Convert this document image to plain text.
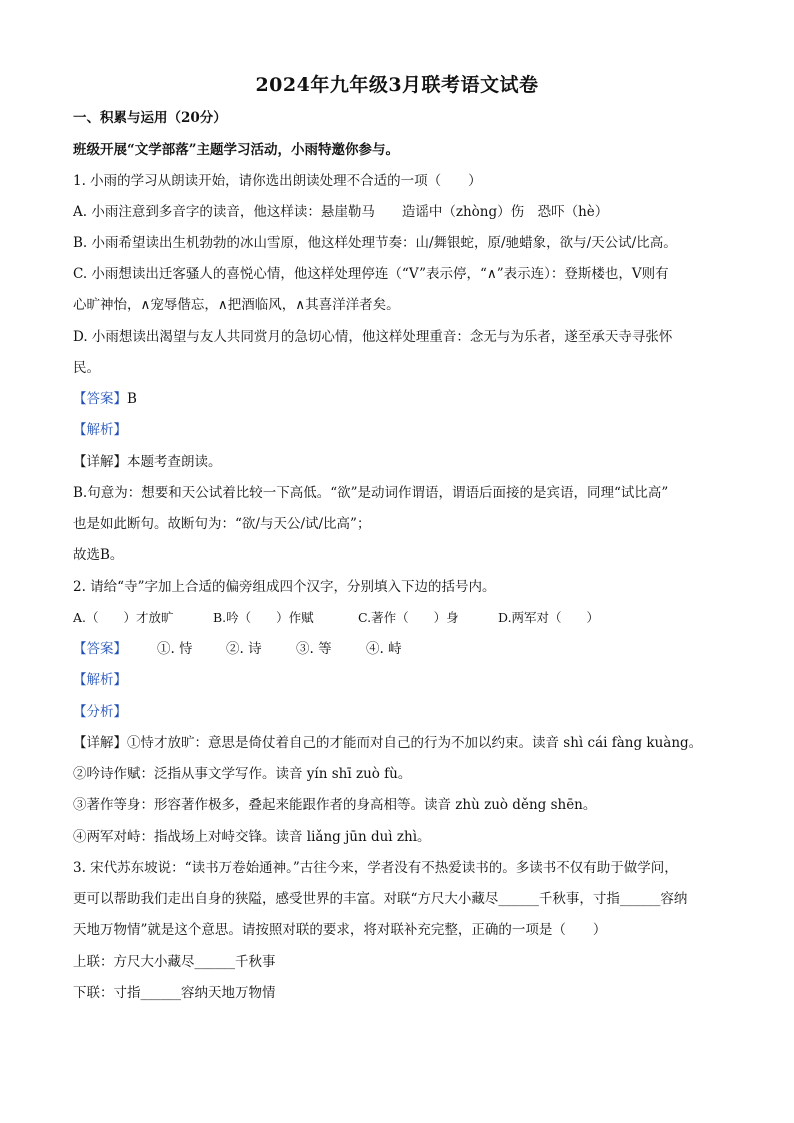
2024年九年级3月联考语文试卷
一、积累与运用（20分）
班级开展“文学部落”主题学习活动，小雨特邀你参与。
1. 小雨的学习从朗读开始，请你选出朗读处理不合适的一项（　　）
A. 小雨注意到多音字的读音，他这样读：悬崖勒马　　造谣中（zhòng）伤　恐吓（hè）
B. 小雨希望读出生机勃勃的冰山雪原，他这样处理节奏：山/舞银蛇，原/驰蜡象，欲与/天公试/比高。
C. 小雨想读出迁客骚人的喜悦心情，他这样处理停连（“V”表示停，“∧”表示连）：登斯楼也，V则有
心旷神怡，∧宠辱偕忘，∧把酒临风，∧其喜洋洋者矣。
D. 小雨想读出渴望与友人共同赏月的急切心情，他这样处理重音：念无与为乐者，遂至承天寺寻张怀
民。
【答案】B
【解析】
【详解】本题考查朗读。
B.句意为：想要和天公试着比较一下高低。“欲”是动词作谓语，谓语后面接的是宾语，同理“试比高”
也是如此断句。故断句为：“欲/与天公/试/比高”；
故选B。
2. 请给“寺”字加上合适的偏旁组成四个汉字，分别填入下边的括号内。
A.（　　）才放旷	B.吟（　　）作赋	C.著作（　　）身	D.两军对（　　）
【答案】 ①. 恃 ②. 诗	③. 等	④. 峙
【解析】
【分析】
【详解】①恃才放旷：意思是倚仗着自己的才能而对自己的行为不加以约束。读音 shì cái fàng kuàng。
②吟诗作赋：泛指从事文学写作。读音 yín shī zuò fù。
③著作等身：形容著作极多，叠起来能跟作者的身高相等。读音 zhù zuò děng shēn。
④两军对峙：指战场上对峙交锋。读音 liǎng jūn duì zhì。
3. 宋代苏东坡说：“读书万卷始通神。”古往今来，学者没有不热爱读书的。多读书不仅有助于做学问，
更可以帮助我们走出自身的狭隘，感受世界的丰富。对联“方尺大小藏尽______千秋事，寸指______容纳
天地万物情”就是这个意思。请按照对联的要求，将对联补充完整，正确的一项是（　　）
上联：方尺大小藏尽______千秋事
下联：寸指______容纳天地万物情
